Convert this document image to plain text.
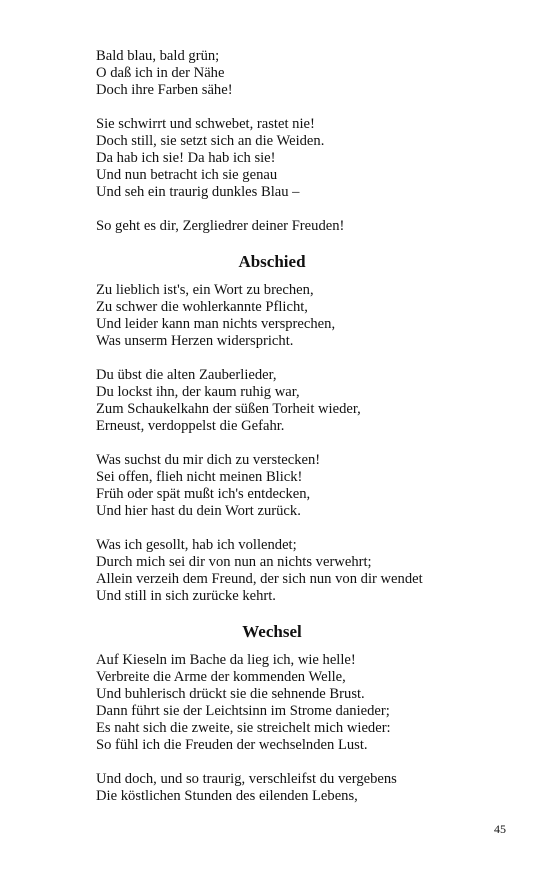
Bald blau, bald grün;
O daß ich in der Nähe
Doch ihre Farben sähe!
Sie schwirrt und schwebet, rastet nie!
Doch still, sie setzt sich an die Weiden.
Da hab ich sie! Da hab ich sie!
Und nun betracht ich sie genau
Und seh ein traurig dunkles Blau –
So geht es dir, Zergliedrer deiner Freuden!
Abschied
Zu lieblich ist's, ein Wort zu brechen,
Zu schwer die wohlerkannte Pflicht,
Und leider kann man nichts versprechen,
Was unserm Herzen widerspricht.
Du übst die alten Zauberlieder,
Du lockst ihn, der kaum ruhig war,
Zum Schaukelkahn der süßen Torheit wieder,
Erneust, verdoppelst die Gefahr.
Was suchst du mir dich zu verstecken!
Sei offen, flieh nicht meinen Blick!
Früh oder spät mußt ich's entdecken,
Und hier hast du dein Wort zurück.
Was ich gesollt, hab ich vollendet;
Durch mich sei dir von nun an nichts verwehrt;
Allein verzeih dem Freund, der sich nun von dir wendet
Und still in sich zurücke kehrt.
Wechsel
Auf Kieseln im Bache da lieg ich, wie helle!
Verbreite die Arme der kommenden Welle,
Und buhlerisch drückt sie die sehnende Brust.
Dann führt sie der Leichtsinn im Strome danieder;
Es naht sich die zweite, sie streichelt mich wieder:
So fühl ich die Freuden der wechselnden Lust.
Und doch, und so traurig, verschleifst du vergebens
Die köstlichen Stunden des eilenden Lebens,
45
